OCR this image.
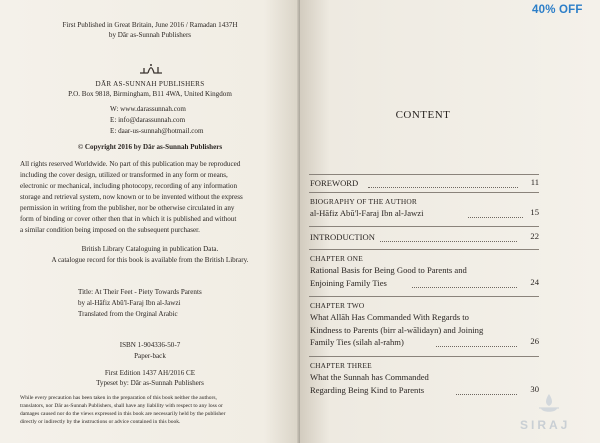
First Published in Great Britain, June 2016 / Ramadan 1437H
by Dār as-Sunnah Publishers
DĀR AS-SUNNAH PUBLISHERS
P.O. Box 9818, Birmingham, B11 4WA, United Kingdom
W: www.darassunnah.com
E: info@darassunnah.com
E: daar-us-sunnah@hotmail.com
© Copyright 2016 by Dār as-Sunnah Publishers
All rights reserved Worldwide. No part of this publication may be reproduced
including the cover design, utilized or transformed in any form or means,
electronic or mechanical, including photocopy, recording of any information
storage and retrieval system, now known or to be invented without the express
permission in writing from the publisher, nor be otherwise circulated in any
form of binding or cover other then that in which it is published and without
a similar condition being imposed on the subsequent purchaser.
British Library Cataloguing in publication Data.
A catalogue record for this book is available from the British Library.
Title: At Their Feet - Piety Towards Parents
by al-Hāfiz Abū'l-Faraj Ibn al-Jawzi
Translated from the Orginal Arabic
ISBN 1-904336-50-7
Paper-back
First Edition 1437 AH/2016 CE
Typeset by: Dār as-Sunnah Publishers
While every precaution has been taken in the preparation of this book neither the authors,
translators, nor Dār as-Sunnah Publishers, shall have any liability with respect to any loss or
damages caused nor do the views expressed in this book are necessarily held by the publisher
directly or indirectly by the instructions or advice contained in this book.
CONTENT
FOREWORD	11
BIOGRAPHY OF THE AUTHOR
al-Hāfiz Abū'l-Faraj Ibn al-Jawzi	15
INTRODUCTION	22
CHAPTER ONE
Rational Basis for Being Good to Parents and
Enjoining Family Ties	24
CHAPTER TWO
What Allāh Has Commanded With Regards to
Kindness to Parents (birr al-wālidayn) and Joining
Family Ties (silah al-rahm)	26
CHAPTER THREE
What the Sunnah has Commanded
Regarding Being Kind to Parents	30
40% OFF
SIRAJ
